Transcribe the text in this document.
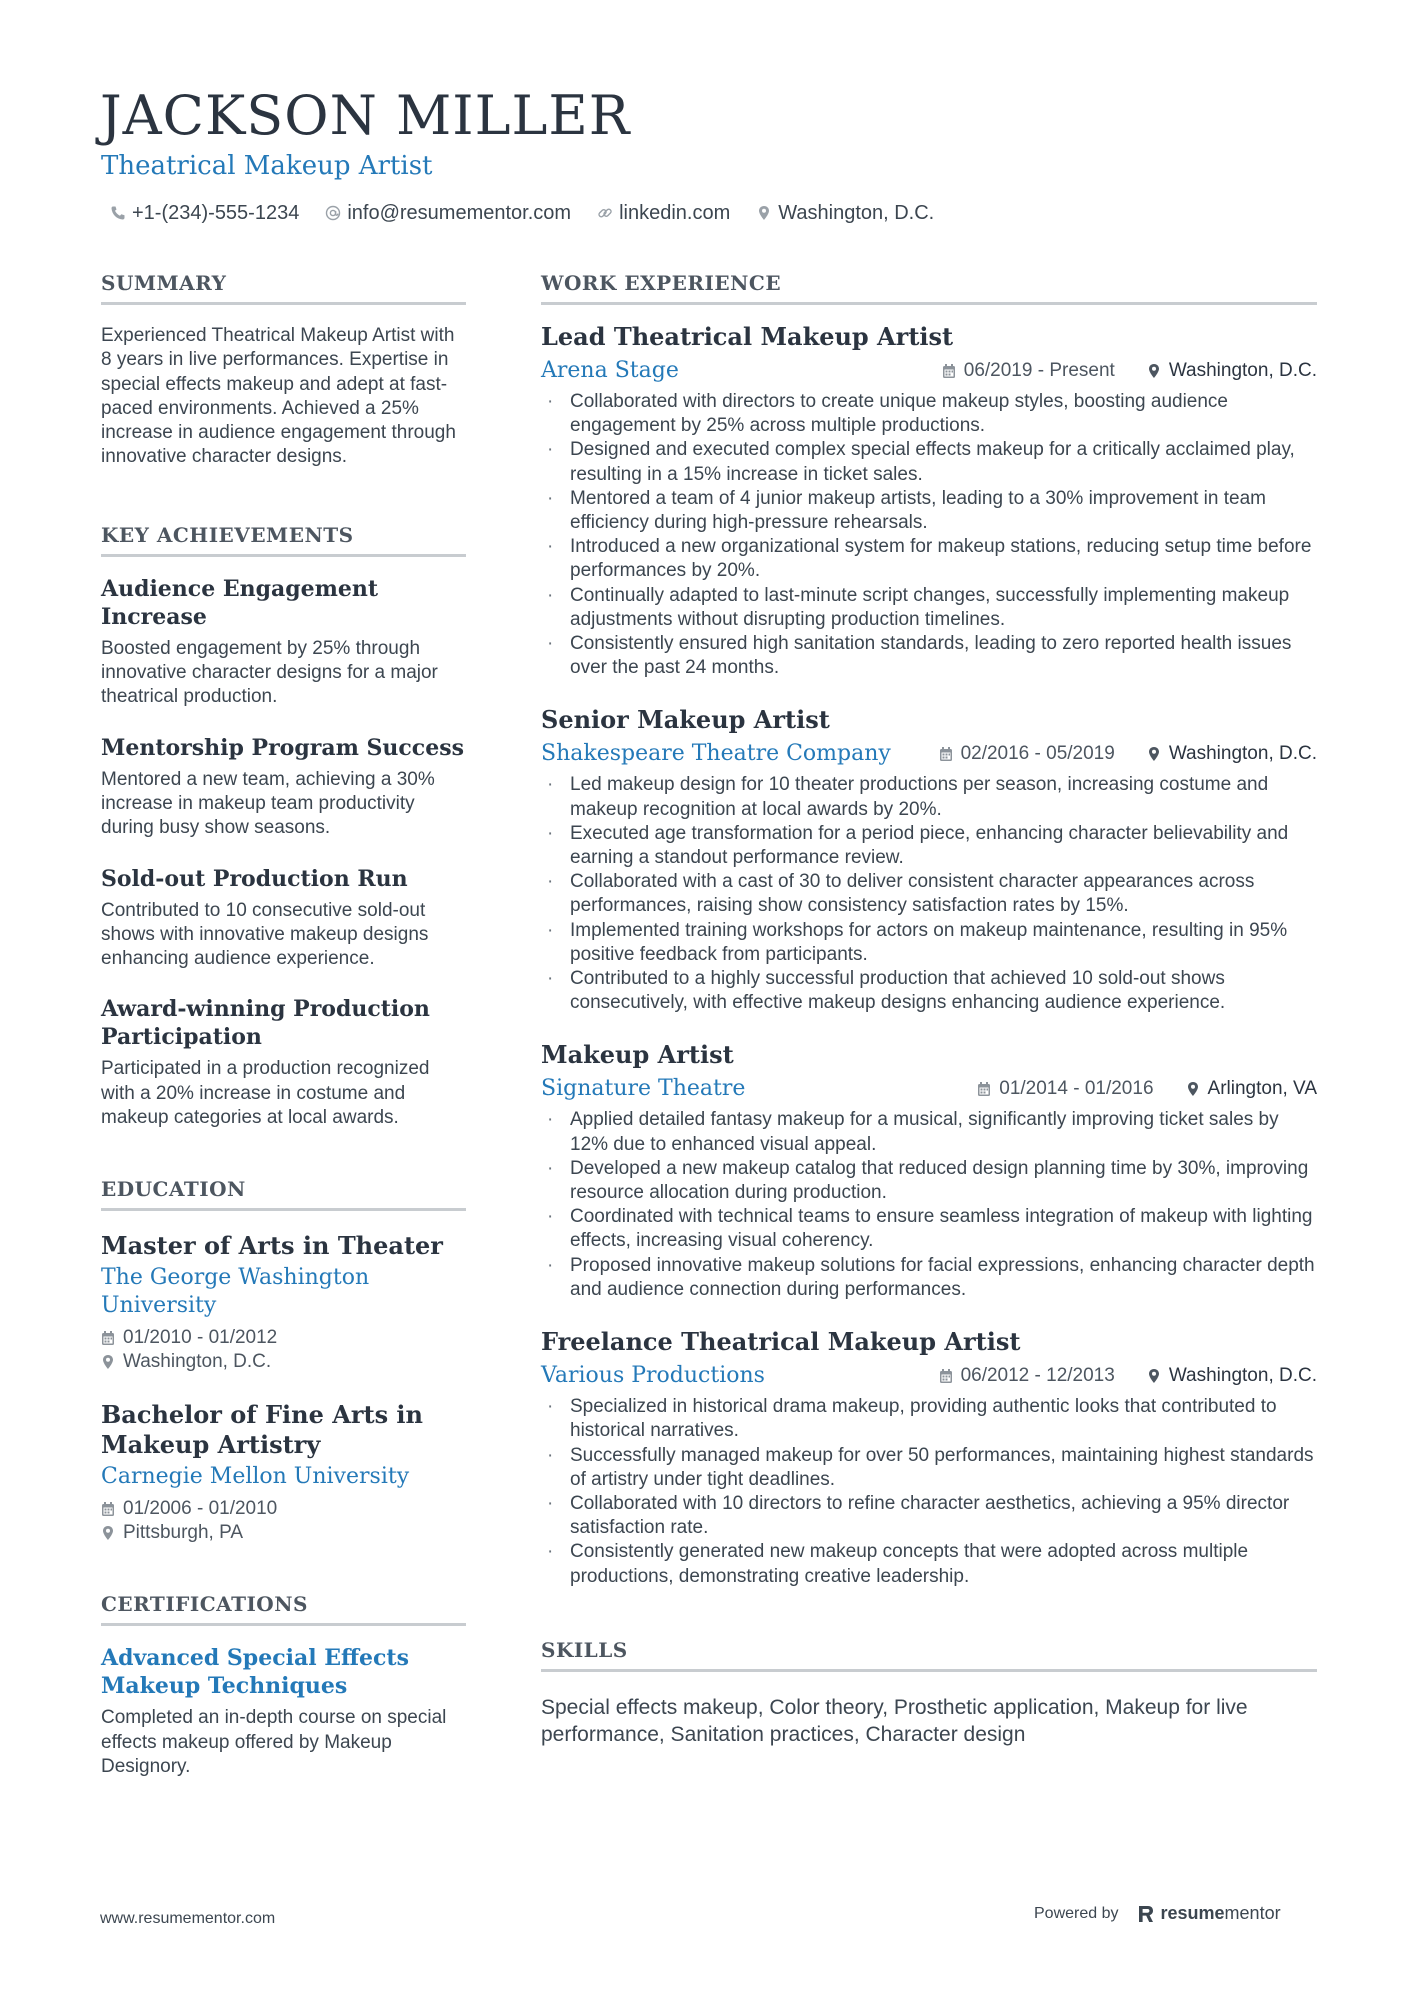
JACKSON MILLER
Theatrical Makeup Artist
+1-(234)-555-1234 info@resumementor.com linkedin.com Washington, D.C.
SUMMARY

Experienced Theatrical Makeup Artist with 8 years in live performances. Expertise in special effects makeup and adept at fast-paced environments. Achieved a 25% increase in audience engagement through innovative character designs.

KEY ACHIEVEMENTS
Audience Engagement Increase

Boosted engagement by 25% through innovative character designs for a major theatrical production.

Mentorship Program Success

Mentored a new team, achieving a 30% increase in makeup team productivity during busy show seasons.

Sold-out Production Run

Contributed to 10 consecutive sold-out shows with innovative makeup designs enhancing audience experience.

Award-winning Production Participation

Participated in a production recognized with a 20% increase in costume and makeup categories at local awards.

EDUCATION
Master of Arts in Theater
The George Washington University
01/2010 - 01/2012
Washington, D.C.
Bachelor of Fine Arts in Makeup Artistry
Carnegie Mellon University
01/2006 - 01/2010
Pittsburgh, PA
CERTIFICATIONS
Advanced Special Effects Makeup Techniques

Completed an in-depth course on special effects makeup offered by Makeup Designory.

WORK EXPERIENCE
Lead Theatrical Makeup Artist
Arena Stage	06/2019 - Present	Washington, D.C.
· Collaborated with directors to create unique makeup styles, boosting audience engagement by 25% across multiple productions.
· Designed and executed complex special effects makeup for a critically acclaimed play, resulting in a 15% increase in ticket sales.
· Mentored a team of 4 junior makeup artists, leading to a 30% improvement in team efficiency during high-pressure rehearsals.
· Introduced a new organizational system for makeup stations, reducing setup time before performances by 20%.
· Continually adapted to last-minute script changes, successfully implementing makeup adjustments without disrupting production timelines.
· Consistently ensured high sanitation standards, leading to zero reported health issues over the past 24 months.
Senior Makeup Artist
Shakespeare Theatre Company	02/2016 - 05/2019	Washington, D.C.
· Led makeup design for 10 theater productions per season, increasing costume and makeup recognition at local awards by 20%.
· Executed age transformation for a period piece, enhancing character believability and earning a standout performance review.
· Collaborated with a cast of 30 to deliver consistent character appearances across performances, raising show consistency satisfaction rates by 15%.
· Implemented training workshops for actors on makeup maintenance, resulting in 95% positive feedback from participants.
· Contributed to a highly successful production that achieved 10 sold-out shows consecutively, with effective makeup designs enhancing audience experience.
Makeup Artist
Signature Theatre	01/2014 - 01/2016	Arlington, VA
· Applied detailed fantasy makeup for a musical, significantly improving ticket sales by 12% due to enhanced visual appeal.
· Developed a new makeup catalog that reduced design planning time by 30%, improving resource allocation during production.
· Coordinated with technical teams to ensure seamless integration of makeup with lighting effects, increasing visual coherency.
· Proposed innovative makeup solutions for facial expressions, enhancing character depth and audience connection during performances.
Freelance Theatrical Makeup Artist
Various Productions	06/2012 - 12/2013	Washington, D.C.
· Specialized in historical drama makeup, providing authentic looks that contributed to historical narratives.
· Successfully managed makeup for over 50 performances, maintaining highest standards of artistry under tight deadlines.
· Collaborated with 10 directors to refine character aesthetics, achieving a 95% director satisfaction rate.
· Consistently generated new makeup concepts that were adopted across multiple productions, demonstrating creative leadership.
SKILLS

Special effects makeup, Color theory, Prosthetic application, Makeup for live performance, Sanitation practices, Character design

www.resumementor.com	Powered by resume mentor
